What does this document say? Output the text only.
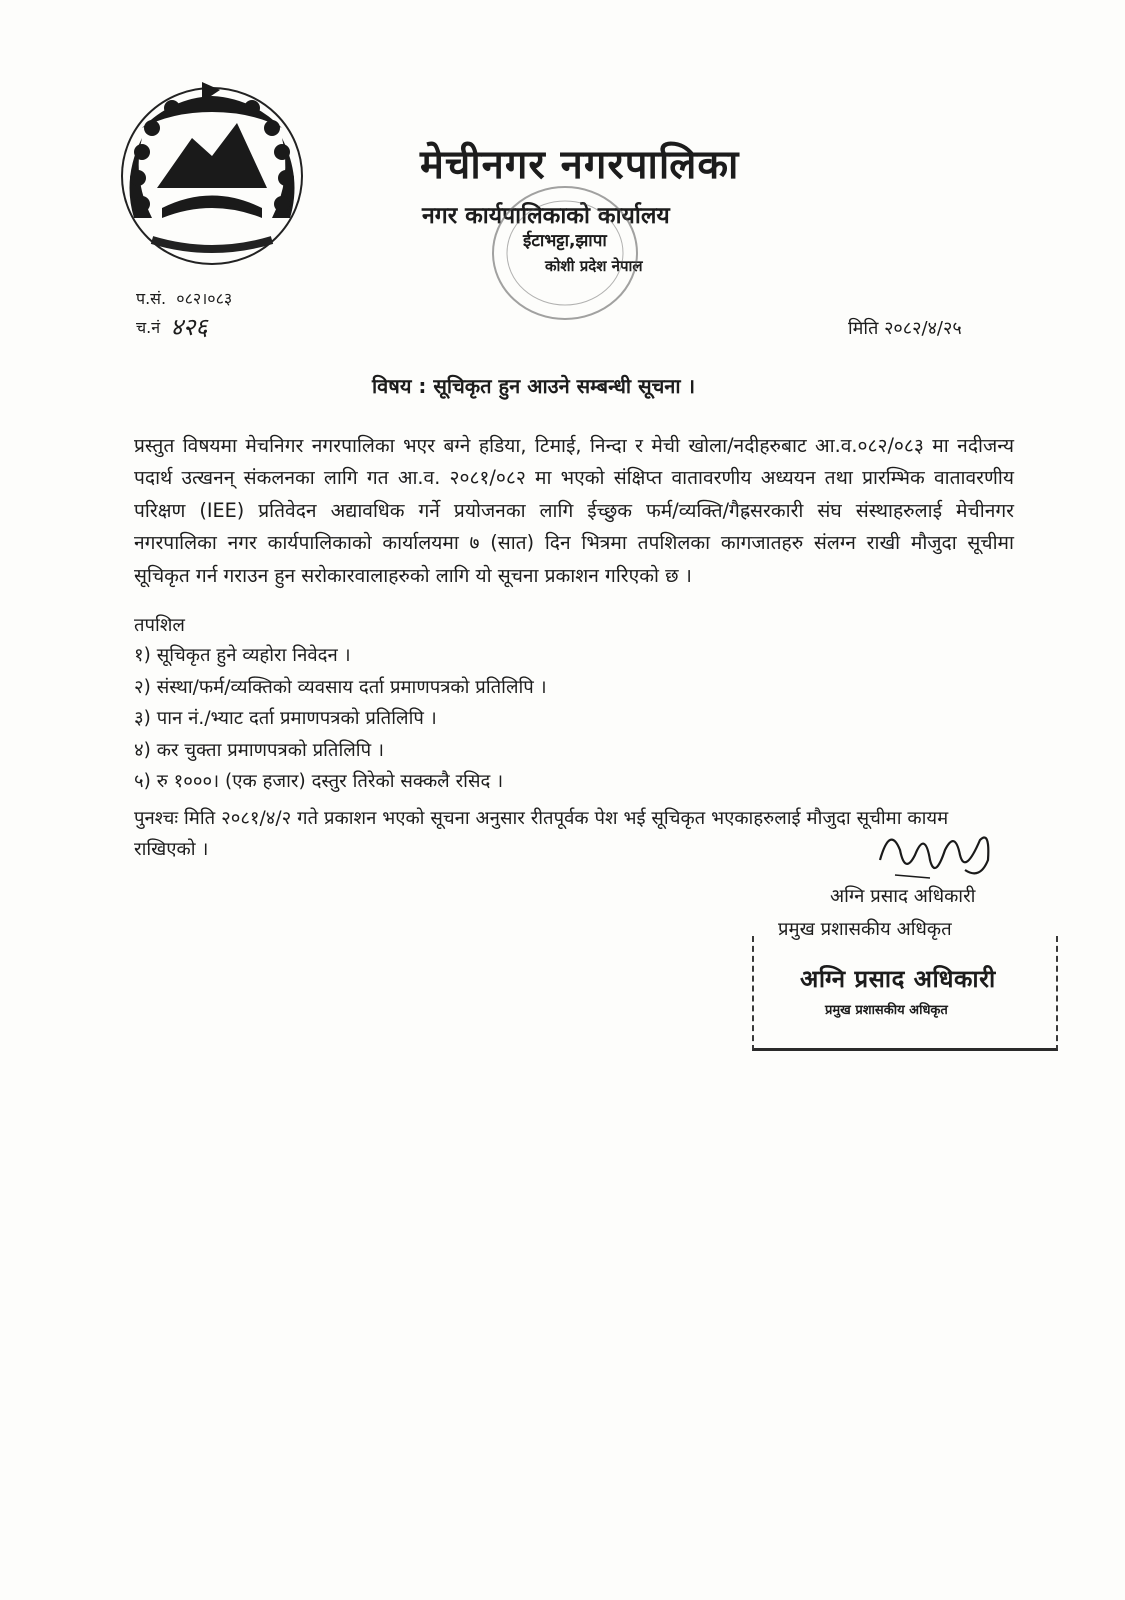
मेचीनगर नगरपालिका

नगर कार्यपालिकाको कार्यालय

ईटाभट्टा,झापा
कोशी प्रदेश नेपाल
प.सं. ०८२।०८३
च.नं ४२६	मिति २०८२/४/२५
विषय : सूचिकृत हुन आउने सम्बन्धी सूचना ।

प्रस्तुत विषयमा मेचनिगर नगरपालिका भएर बग्ने हडिया, टिमाई, निन्दा र मेची खोला/नदीहरुबाट आ.व.०८२/०८३ मा नदीजन्य पदार्थ उत्खनन् संकलनका लागि गत आ.व. २०८१/०८२ मा भएको संक्षिप्त वातावरणीय अध्ययन तथा प्रारम्भिक वातावरणीय परिक्षण (IEE) प्रतिवेदन अद्यावधिक गर्ने प्रयोजनका लागि ईच्छुक फर्म/व्यक्ति/गैह्रसरकारी संघ संस्थाहरुलाई मेचीनगर नगरपालिका नगर कार्यपालिकाको कार्यालयमा ७ (सात) दिन भित्रमा तपशिलका कागजातहरु संलग्न राखी मौजुदा सूचीमा सूचिकृत गर्न गराउन हुन सरोकारवालाहरुको लागि यो सूचना प्रकाशन गरिएको छ ।

तपशिल
१) सूचिकृत हुने व्यहोरा निवेदन ।
२) संस्था/फर्म/व्यक्तिको व्यवसाय दर्ता प्रमाणपत्रको प्रतिलिपि ।
३) पान नं./भ्याट दर्ता प्रमाणपत्रको प्रतिलिपि ।
४) कर चुक्ता प्रमाणपत्रको प्रतिलिपि ।
५) रु १०००। (एक हजार) दस्तुर तिरेको सक्कलै रसिद ।

पुनश्चः मिति २०८१/४/२ गते प्रकाशन भएको सूचना अनुसार रीतपूर्वक पेश भई सूचिकृत भएकाहरुलाई मौजुदा सूचीमा कायम राखिएको ।

अग्नि प्रसाद अधिकारी
प्रमुख प्रशासकीय अधिकृत
अग्नि प्रसाद अधिकारी
प्रमुख प्रशासकीय अधिकृत
